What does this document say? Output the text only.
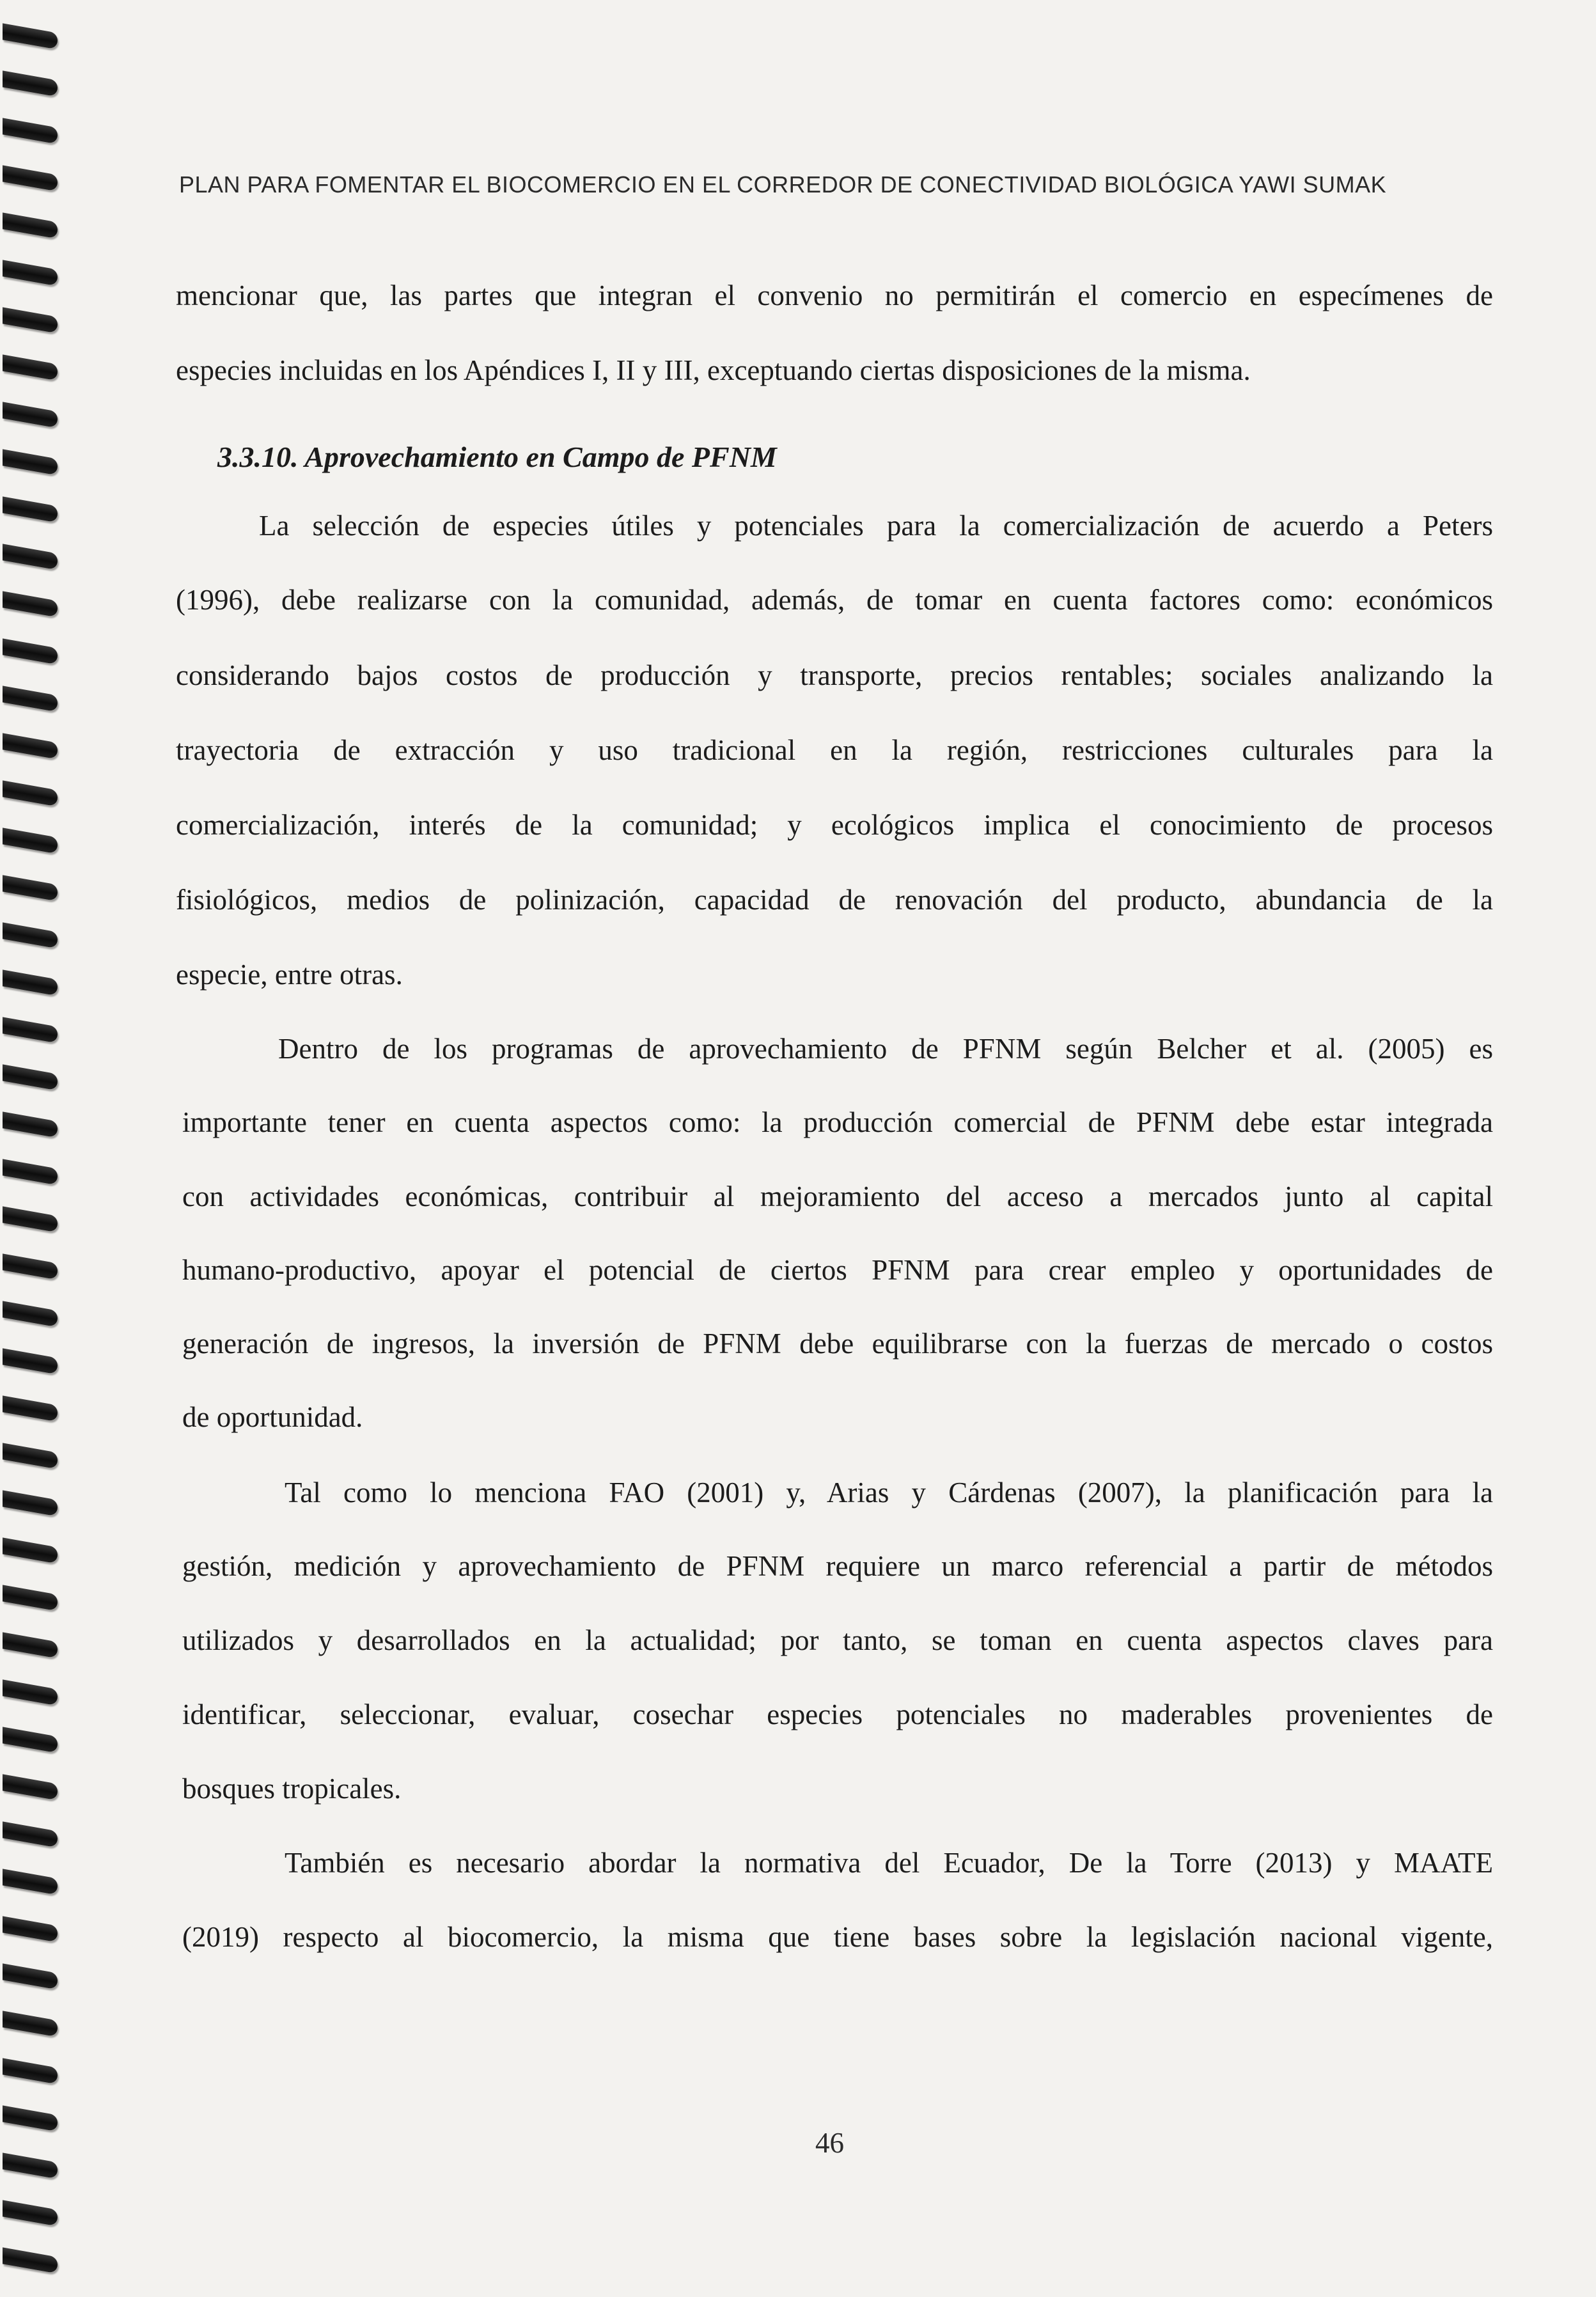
PLAN PARA FOMENTAR EL BIOCOMERCIO EN EL CORREDOR DE CONECTIVIDAD BIOLÓGICA YAWI SUMAK
mencionar que, las partes que integran el convenio no permitirán el comercio en especímenes de
especies incluidas en los Apéndices I, II y III, exceptuando ciertas disposiciones de la misma.
3.3.10. Aprovechamiento en Campo de PFNM
La selección de especies útiles y potenciales para la comercialización de acuerdo a Peters
(1996), debe realizarse con la comunidad, además, de tomar en cuenta factores como: económicos
considerando bajos costos de producción y transporte, precios rentables; sociales analizando la
trayectoria de extracción y uso tradicional en la región, restricciones culturales para la
comercialización, interés de la comunidad; y ecológicos implica el conocimiento de procesos
fisiológicos, medios de polinización, capacidad de renovación del producto, abundancia de la
especie, entre otras.
Dentro de los programas de aprovechamiento de PFNM según Belcher et al. (2005) es
importante tener en cuenta aspectos como: la producción comercial de PFNM debe estar integrada
con actividades económicas, contribuir al mejoramiento del acceso a mercados junto al capital
humano-productivo, apoyar el potencial de ciertos PFNM para crear empleo y oportunidades de
generación de ingresos, la inversión de PFNM debe equilibrarse con la fuerzas de mercado o costos
de oportunidad.
Tal como lo menciona FAO (2001) y, Arias y Cárdenas (2007), la planificación para la
gestión, medición y aprovechamiento de PFNM requiere un marco referencial a partir de métodos
utilizados y desarrollados en la actualidad; por tanto, se toman en cuenta aspectos claves para
identificar, seleccionar, evaluar, cosechar especies potenciales no maderables provenientes de
bosques tropicales.
También es necesario abordar la normativa del Ecuador, De la Torre (2013) y MAATE
(2019) respecto al biocomercio, la misma que tiene bases sobre la legislación nacional vigente,
46
